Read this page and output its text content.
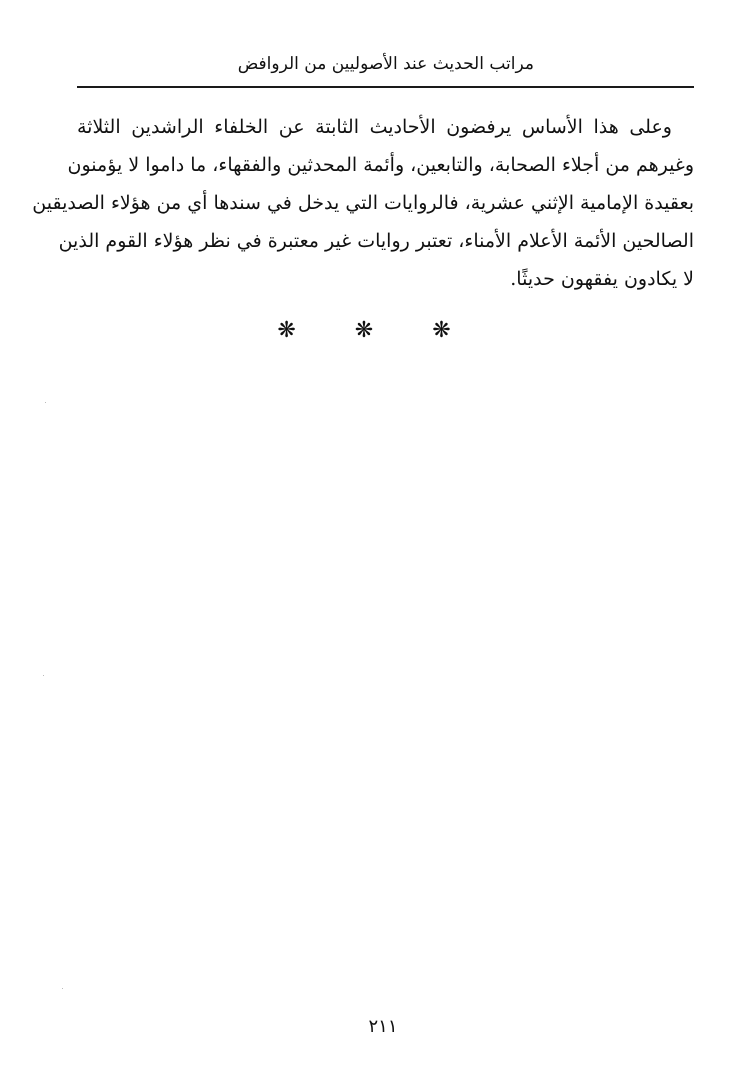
مراتب الحديث عند الأصوليين من الروافض
وعلى هذا الأساس يرفضون الأحاديث الثابتة عن الخلفاء الراشدين الثلاثة
وغيرهم من أجلاء الصحابة، والتابعين، وأئمة المحدثين والفقهاء، ما داموا لا يؤمنون
بعقيدة الإمامية الإثني عشرية، فالروايات التي يدخل في سندها أي من هؤلاء الصديقين
الصالحين الأئمة الأعلام الأمناء، تعتبر روايات غير معتبرة في نظر هؤلاء القوم الذين
لا يكادون يفقهون حديثًا.
❋ ❋ ❋
٢١١
